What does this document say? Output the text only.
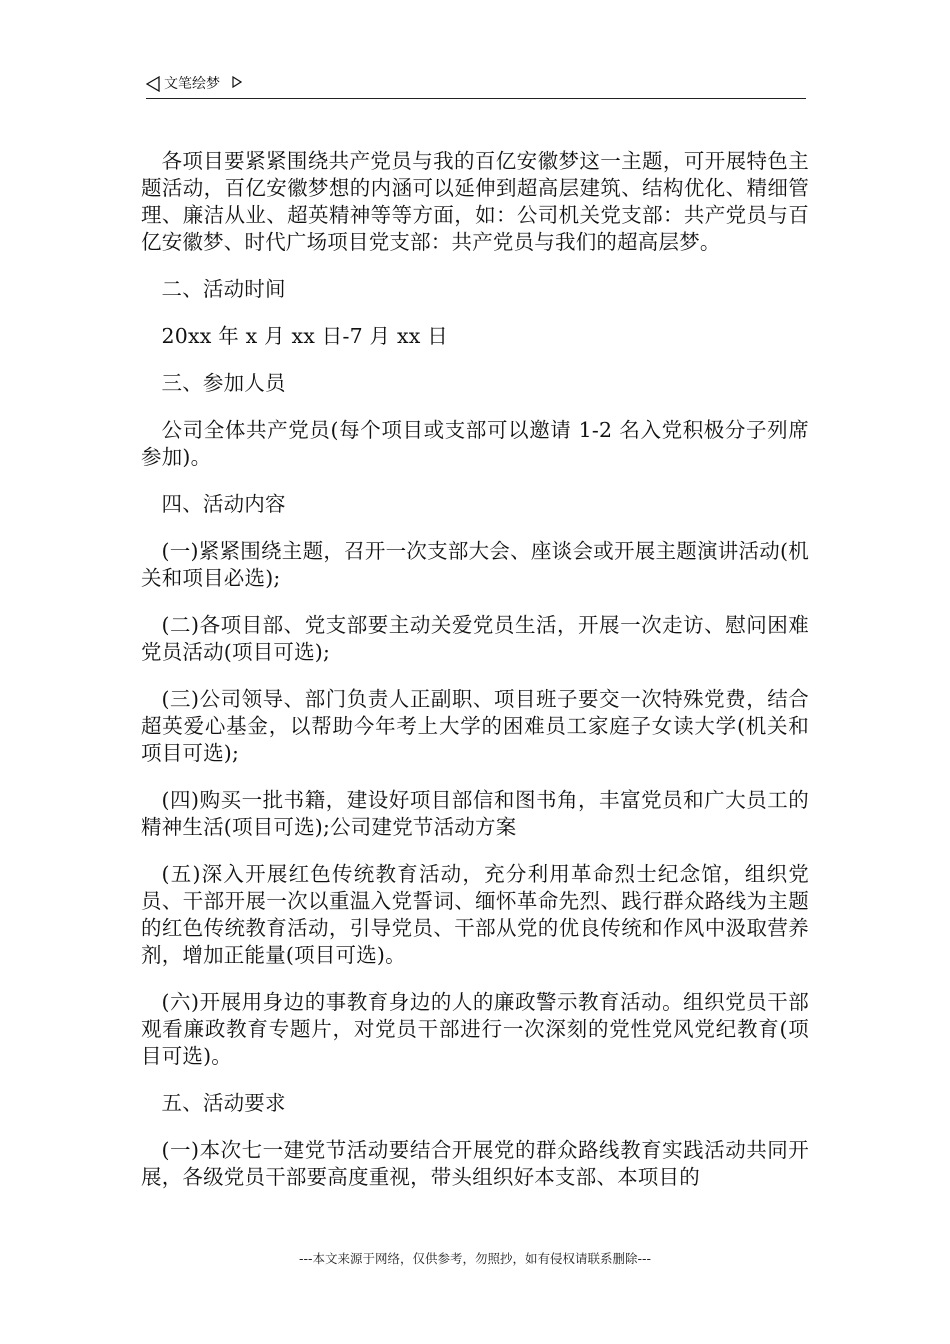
文笔绘梦

各项目要紧紧围绕共产党员与我的百亿安徽梦这一主题，可开展特色主题活动，百亿安徽梦想的内涵可以延伸到超高层建筑、结构优化、精细管理、廉洁从业、超英精神等等方面，如：公司机关党支部：共产党员与百亿安徽梦、时代广场项目党支部：共产党员与我们的超高层梦。

二、活动时间

20xx 年 x 月 xx 日-7 月 xx 日

三、参加人员

公司全体共产党员(每个项目或支部可以邀请 1-2 名入党积极分子列席参加)。

四、活动内容

(一)紧紧围绕主题，召开一次支部大会、座谈会或开展主题演讲活动(机关和项目必选);

(二)各项目部、党支部要主动关爱党员生活，开展一次走访、慰问困难党员活动(项目可选);

(三)公司领导、部门负责人正副职、项目班子要交一次特殊党费，结合超英爱心基金，以帮助今年考上大学的困难员工家庭子女读大学(机关和项目可选);

(四)购买一批书籍，建设好项目部信和图书角，丰富党员和广大员工的精神生活(项目可选);公司建党节活动方案

(五)深入开展红色传统教育活动，充分利用革命烈士纪念馆，组织党员、干部开展一次以重温入党誓词、缅怀革命先烈、践行群众路线为主题的红色传统教育活动，引导党员、干部从党的优良传统和作风中汲取营养剂，增加正能量(项目可选)。

(六)开展用身边的事教育身边的人的廉政警示教育活动。组织党员干部观看廉政教育专题片，对党员干部进行一次深刻的党性党风党纪教育(项目可选)。

五、活动要求

(一)本次七一建党节活动要结合开展党的群众路线教育实践活动共同开展，各级党员干部要高度重视，带头组织好本支部、本项目的

---本文来源于网络，仅供参考，勿照抄，如有侵权请联系删除---
